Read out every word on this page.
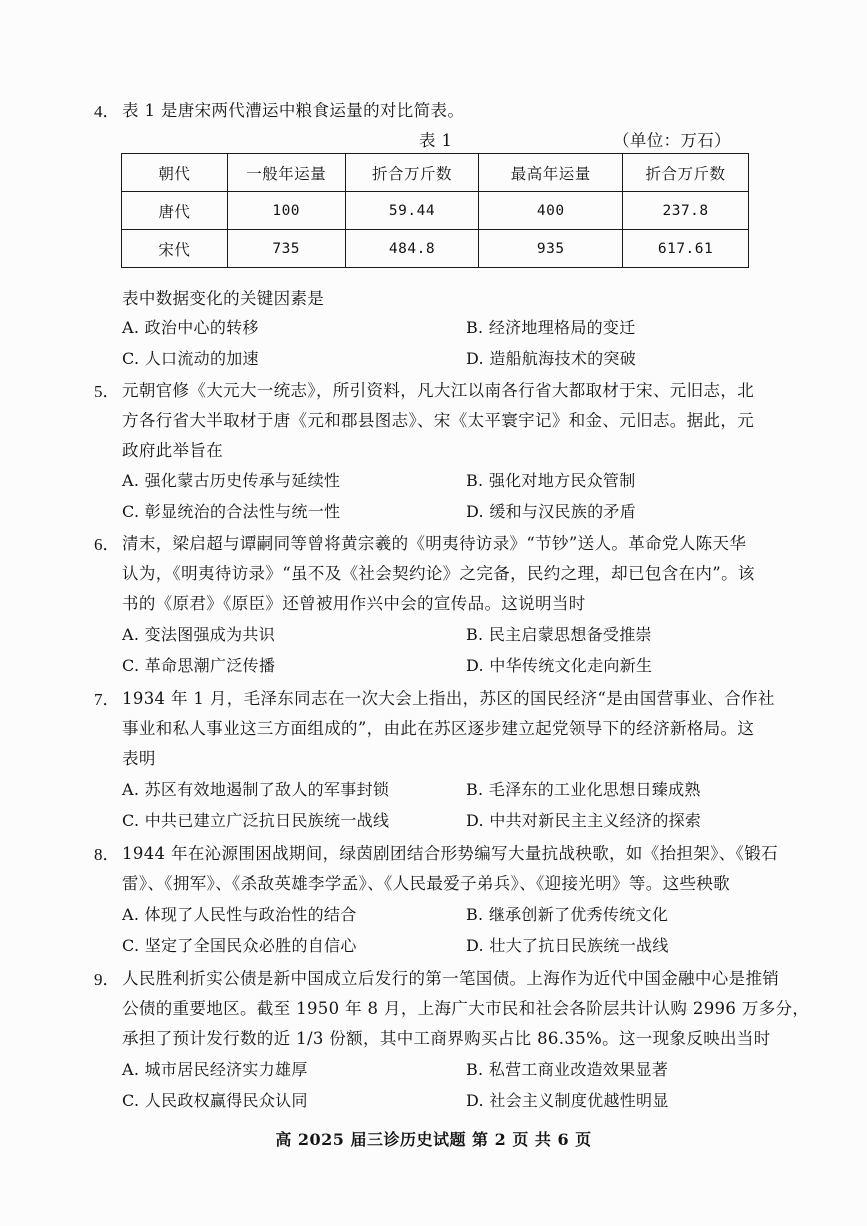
4． 表 1 是唐宋两代漕运中粮食运量的对比简表。
表 1	（单位：万石）
朝代	一般年运量	折合万斤数	最高年运量	折合万斤数
唐代	100	59.44	400	237.8
宋代	735	484.8	935	617.61
表中数据变化的关键因素是
A. 政治中心的转移	B. 经济地理格局的变迁
C. 人口流动的加速	D. 造船航海技术的突破
5． 元朝官修《大元大一统志》，所引资料，凡大江以南各行省大都取材于宋、元旧志，北
方各行省大半取材于唐《元和郡县图志》、宋《太平寰宇记》和金、元旧志。据此，元
政府此举旨在
A. 强化蒙古历史传承与延续性	B. 强化对地方民众管制
C. 彰显统治的合法性与统一性	D. 缓和与汉民族的矛盾
6． 清末，梁启超与谭嗣同等曾将黄宗羲的《明夷待访录》“节钞”送人。革命党人陈天华
认为，《明夷待访录》“虽不及《社会契约论》之完备，民约之理，却已包含在内”。该
书的《原君》《原臣》还曾被用作兴中会的宣传品。这说明当时
A. 变法图强成为共识	B. 民主启蒙思想备受推崇
C. 革命思潮广泛传播	D. 中华传统文化走向新生
7． 1934 年 1 月，毛泽东同志在一次大会上指出，苏区的国民经济“是由国营事业、合作社
事业和私人事业这三方面组成的”，由此在苏区逐步建立起党领导下的经济新格局。这
表明
A. 苏区有效地遏制了敌人的军事封锁	B. 毛泽东的工业化思想日臻成熟
C. 中共已建立广泛抗日民族统一战线	D. 中共对新民主主义经济的探索
8． 1944 年在沁源围困战期间，绿茵剧团结合形势编写大量抗战秧歌，如《抬担架》、《锻石
雷》、《拥军》、《杀敌英雄李学孟》、《人民最爱子弟兵》、《迎接光明》等。这些秧歌
A. 体现了人民性与政治性的结合	B. 继承创新了优秀传统文化
C. 坚定了全国民众必胜的自信心	D. 壮大了抗日民族统一战线
9． 人民胜利折实公债是新中国成立后发行的第一笔国债。上海作为近代中国金融中心是推销
公债的重要地区。截至 1950 年 8 月，上海广大市民和社会各阶层共计认购 2996 万多分，
承担了预计发行数的近 1/3 份额，其中工商界购买占比 86.35%。这一现象反映出当时
A. 城市居民经济实力雄厚	B. 私营工商业改造效果显著
C. 人民政权赢得民众认同	D. 社会主义制度优越性明显
高 2025 届三诊历史试题 第 2 页 共 6 页
